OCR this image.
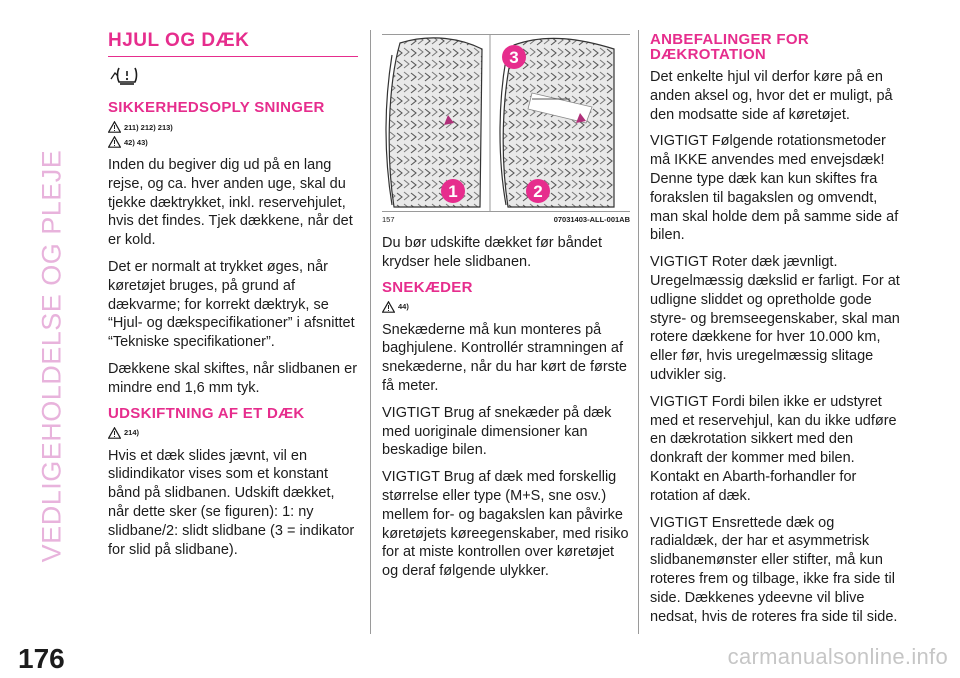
VEDLIGEHOLDELSE OG PLEJE
176	carmanualsonline.info
HJUL OG DÆK
SIKKERHEDSOPLY SNINGER
211) 212) 213)
42) 43)

Inden du begiver dig ud på en lang rejse, og ca. hver anden uge, skal du tjekke dæktrykket, inkl. reservehjulet, hvis det findes. Tjek dækkene, når det er kold.

Det er normalt at trykket øges, når køretøjet bruges, på grund af dækvarme; for korrekt dæktryk, se “Hjul- og dækspecifikationer” i afsnittet “Tekniske specifikationer”.

Dækkene skal skiftes, når slidbanen er mindre end 1,6 mm tyk.

UDSKIFTNING AF ET DÆK
214)

Hvis et dæk slides jævnt, vil en slidindikator vises som et konstant bånd på slidbanen. Udskift dækket, når dette sker (se figuren): 1: ny slidbane/2: slidt slidbane (3 = indikator for slid på slidbane).

1	2
3
157	07031403-ALL-001AB

Du bør udskifte dækket før båndet krydser hele slidbanen.

SNEKÆDER
44)

Snekæderne må kun monteres på baghjulene. Kontrollér stramningen af snekæderne, når du har kørt de første få meter.

VIGTIGT Brug af snekæder på dæk med uoriginale dimensioner kan beskadige bilen.

VIGTIGT Brug af dæk med forskellig størrelse eller type (M+S, sne osv.) mellem for- og bagakslen kan påvirke køretøjets køreegenskaber, med risiko for at miste kontrollen over køretøjet og deraf følgende ulykker.

ANBEFALINGER FOR DÆKROTATION

Det enkelte hjul vil derfor køre på en anden aksel og, hvor det er muligt, på den modsatte side af køretøjet.

VIGTIGT Følgende rotationsmetoder må IKKE anvendes med envejsdæk! Denne type dæk kan kun skiftes fra forakslen til bagakslen og omvendt, man skal holde dem på samme side af bilen.

VIGTIGT Roter dæk jævnligt. Uregelmæssig dækslid er farligt. For at udligne sliddet og opretholde gode styre- og bremseegenskaber, skal man rotere dækkene for hver 10.000 km, eller før, hvis uregelmæssig slitage udvikler sig.

VIGTIGT Fordi bilen ikke er udstyret med et reservehjul, kan du ikke udføre en dækrotation sikkert med den donkraft der kommer med bilen. Kontakt en Abarth-forhandler for rotation af dæk.

VIGTIGT Ensrettede dæk og radialdæk, der har et asymmetrisk slidbanemønster eller stifter, må kun roteres frem og tilbage, ikke fra side til side. Dækkenes ydeevne vil blive nedsat, hvis de roteres fra side til side.
